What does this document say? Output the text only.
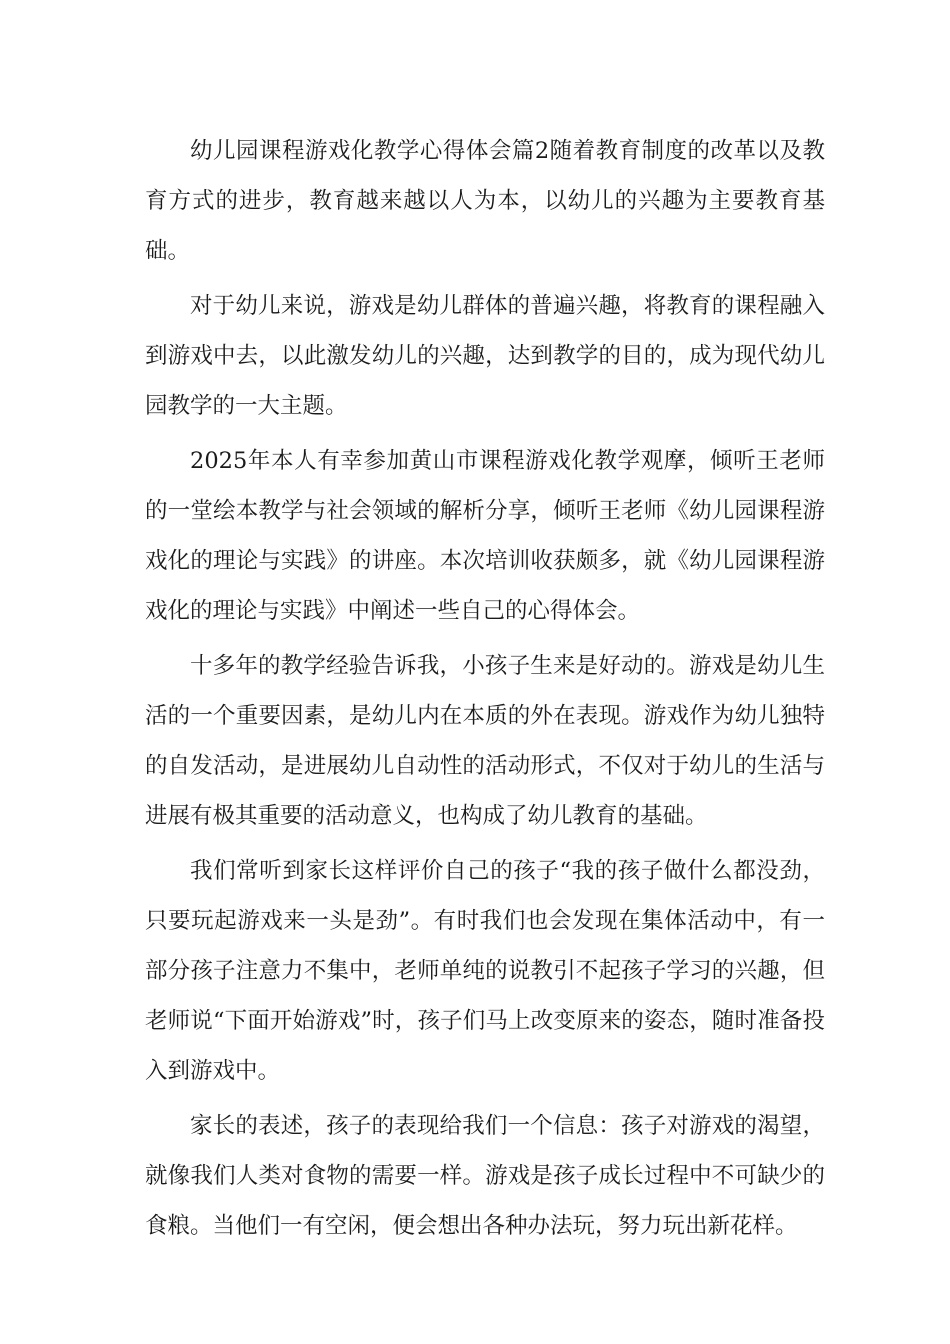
幼儿园课程游戏化教学心得体会篇2随着教育制度的改革以及教育方式的进步，教育越来越以人为本，以幼儿的兴趣为主要教育基础。

对于幼儿来说，游戏是幼儿群体的普遍兴趣，将教育的课程融入到游戏中去，以此激发幼儿的兴趣，达到教学的目的，成为现代幼儿园教学的一大主题。

2025年本人有幸参加黄山市课程游戏化教学观摩，倾听王老师的一堂绘本教学与社会领域的解析分享，倾听王老师《幼儿园课程游戏化的理论与实践》的讲座。本次培训收获颇多，就《幼儿园课程游戏化的理论与实践》中阐述一些自己的心得体会。

十多年的教学经验告诉我，小孩子生来是好动的。游戏是幼儿生活的一个重要因素，是幼儿内在本质的外在表现。游戏作为幼儿独特的自发活动，是进展幼儿自动性的活动形式，不仅对于幼儿的生活与进展有极其重要的活动意义，也构成了幼儿教育的基础。

我们常听到家长这样评价自己的孩子“我的孩子做什么都没劲，只要玩起游戏来一头是劲”。有时我们也会发现在集体活动中，有一部分孩子注意力不集中，老师单纯的说教引不起孩子学习的兴趣，但老师说“下面开始游戏”时，孩子们马上改变原来的姿态，随时准备投入到游戏中。

家长的表述，孩子的表现给我们一个信息：孩子对游戏的渴望，就像我们人类对食物的需要一样。游戏是孩子成长过程中不可缺少的食粮。当他们一有空闲，便会想出各种办法玩，努力玩出新花样。
